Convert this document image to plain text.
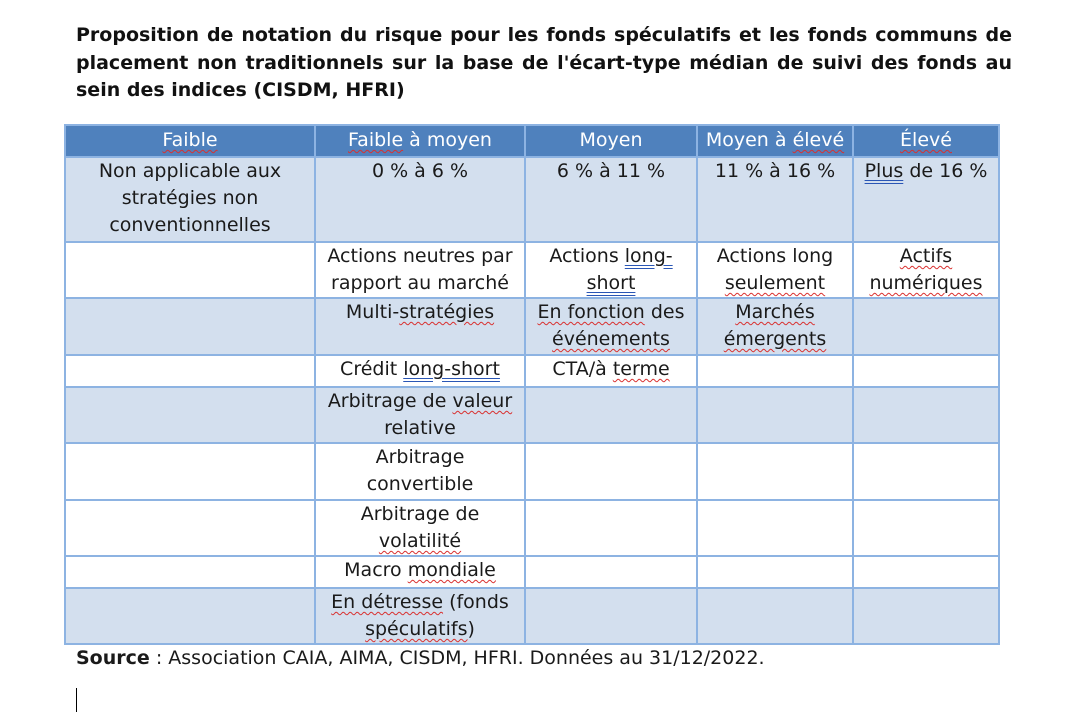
Proposition de notation du risque pour les fonds spéculatifs et les fonds communs de placement non traditionnels sur la base de l'écart-type médian de suivi des fonds au sein des indices (CISDM, HFRI)
Faible	Faible à moyen	Moyen	Moyen à élevé	Élevé
Non applicable aux stratégies non conventionnelles	0 % à 6 %	6 % à 11 %	11 % à 16 %	Plus de 16 %
	Actions neutres par rapport au marché	Actions long-short	Actions long seulement	Actifs numériques
	Multi-stratégies	En fonction des événements	Marchés émergents	
	Crédit long-short	CTA/à terme		
	Arbitrage de valeur relative			
	Arbitrage convertible			
	Arbitrage de volatilité			
	Macro mondiale			
	En détresse (fonds spéculatifs)			
Source : Association CAIA, AIMA, CISDM, HFRI. Données au 31/12/2022.
